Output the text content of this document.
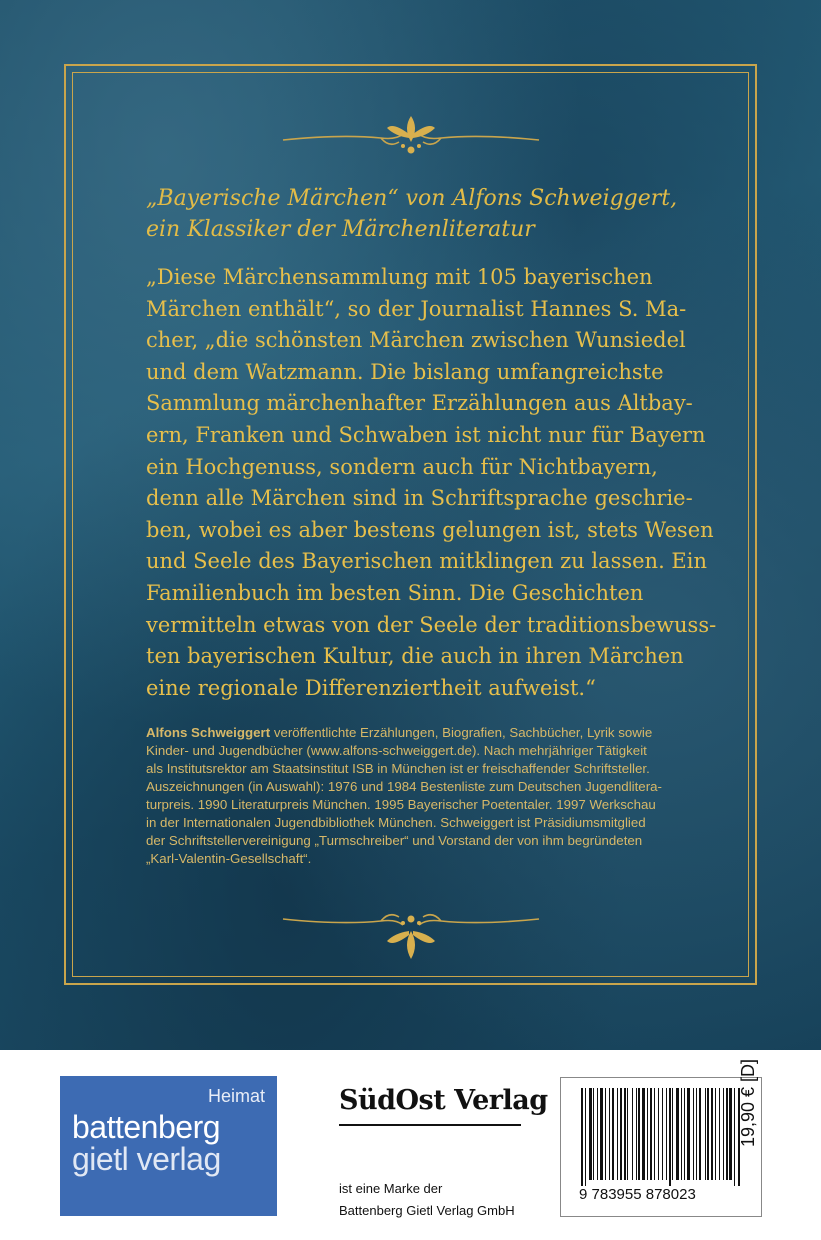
„Bayerische Märchen“ von Alfons Schweiggert,
ein Klassiker der Märchenliteratur
„Diese Märchensammlung mit 105 bayerischen
Märchen enthält“, so der Journalist Hannes S. Ma-
cher, „die schönsten Märchen zwischen Wunsiedel
und dem Watzmann. Die bislang umfangreichste
Sammlung märchenhafter Erzählungen aus Altbay-
ern, Franken und Schwaben ist nicht nur für Bayern
ein Hochgenuss, sondern auch für Nichtbayern,
denn alle Märchen sind in Schriftsprache geschrie-
ben, wobei es aber bestens gelungen ist, stets Wesen
und Seele des Bayerischen mitklingen zu lassen. Ein
Familienbuch im besten Sinn. Die Geschichten
vermitteln etwas von der Seele der traditionsbewuss-
ten bayerischen Kultur, die auch in ihren Märchen
eine regionale Differenziertheit aufweist.“
Alfons Schweiggert veröffentlichte Erzählungen, Biografien, Sachbücher, Lyrik sowie
Kinder- und Jugendbücher (www.alfons-schweiggert.de). Nach mehrjähriger Tätigkeit
als Institutsrektor am Staatsinstitut ISB in München ist er freischaffender Schriftsteller.
Auszeichnungen (in Auswahl): 1976 und 1984 Bestenliste zum Deutschen Jugendlitera-
turpreis. 1990 Literaturpreis München. 1995 Bayerischer Poetentaler. 1997 Werkschau
in der Internationalen Jugendbibliothek München. Schweiggert ist Präsidiumsmitglied
der Schriftstellervereinigung „Turmschreiber“ und Vorstand der von ihm begründeten
„Karl-Valentin-Gesellschaft“.
Heimat
battenberg
gietl verlag
SüdOst Verlag
ist eine Marke der
Battenberg Gietl Verlag GmbH
9 783955 878023
19,90 € [D]
